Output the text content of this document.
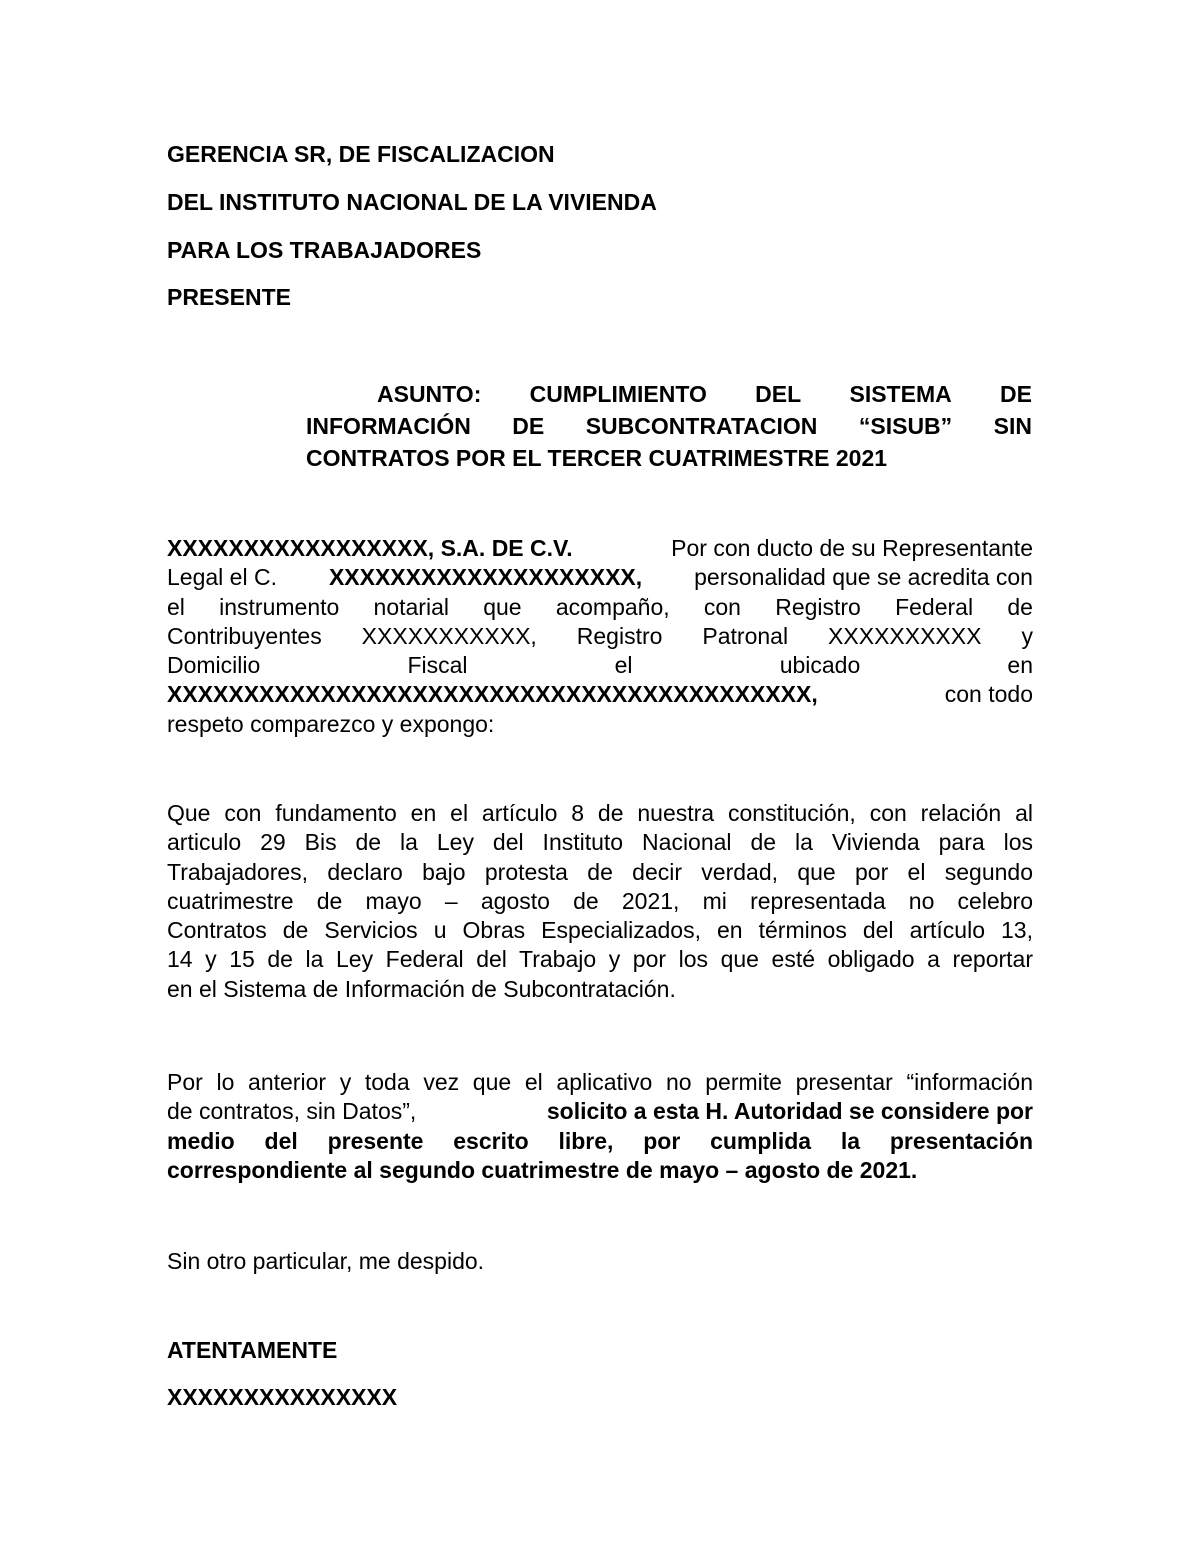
GERENCIA SR, DE FISCALIZACION
DEL INSTITUTO NACIONAL DE LA VIVIENDA
PARA LOS TRABAJADORES
PRESENTE
ASUNTO: CUMPLIMIENTO DEL SISTEMA DE
INFORMACIÓN DE SUBCONTRATACION “SISUB” SIN
CONTRATOS POR EL TERCER CUATRIMESTRE 2021
XXXXXXXXXXXXXXXXX, S.A. DE C.V.	Por con ducto de su Representante
Legal el C. XXXXXXXXXXXXXXXXXXXX, personalidad que se acredita con
el instrumento notarial que acompaño, con Registro Federal de
Contribuyentes XXXXXXXXXXX, Registro Patronal XXXXXXXXXX y
Domicilio	Fiscal	el	ubicado	en
XXXXXXXXXXXXXXXXXXXXXXXXXXXXXXXXXXXXXXXXXX,	con todo
respeto comparezco y expongo:
Que con fundamento en el artículo 8 de nuestra constitución, con relación al
articulo 29 Bis de la Ley del Instituto Nacional de la Vivienda para los
Trabajadores, declaro bajo protesta de decir verdad, que por el segundo
cuatrimestre de mayo – agosto de 2021, mi representada no celebro
Contratos de Servicios u Obras Especializados, en términos del artículo 13,
14 y 15 de la Ley Federal del Trabajo y por los que esté obligado a reportar
en el Sistema de Información de Subcontratación.
Por lo anterior y toda vez que el aplicativo no permite presentar “información
de contratos, sin Datos”,	solicito a esta H. Autoridad se considere por
medio del presente escrito libre, por cumplida la presentación
correspondiente al segundo cuatrimestre de mayo – agosto de 2021.
Sin otro particular, me despido.
ATENTAMENTE
XXXXXXXXXXXXXXX
